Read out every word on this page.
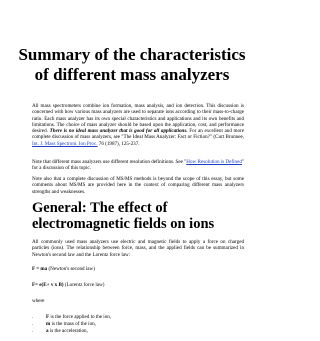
Summary of the characteristics of different mass analyzers

All mass spectrometers combine ion formation, mass analysis, and ion detection. This discussion is concerned with how various mass analyzers are used to separate ions according to their mass-to-charge ratio. Each mass analyzer has its own special characteristics and applications and its own benefits and limitations. The choice of mass analyzer should be based upon the application, cost, and performance desired. There is no ideal mass analyzer that is good for all applications. For an excellent and more complete discussion of mass analyzers, see "The Ideal Mass Analyzer: Fact or Fiction?" (Curt Brunnee, Int. J. Mass Spectrom. Ion Proc. 76 (1987), 125-237.

Note that different mass analyzers use different resolution definitions. See "How Resolution is Defined" for a discussion of this topic.

Note also that a complete discussion of MS/MS methods is beyond the scope of this essay, but some comments about MS/MS are provided here in the context of comparing different mass analyzers strengths and weaknesses.

General: The effect of electromagnetic fields on ions

All commonly used mass analyzers use electric and magnetic fields to apply a force on charged particles (ions). The relationship between force, mass, and the applied fields can be summarized in Newton's second law and the Lorentz force law:

F = ma (Newton's second law)

F= e(E+ v x B) (Lorentz force law)

where

.	F is the force applied to the ion,
.	m is the mass of the ion,
.	a is the acceleration,
